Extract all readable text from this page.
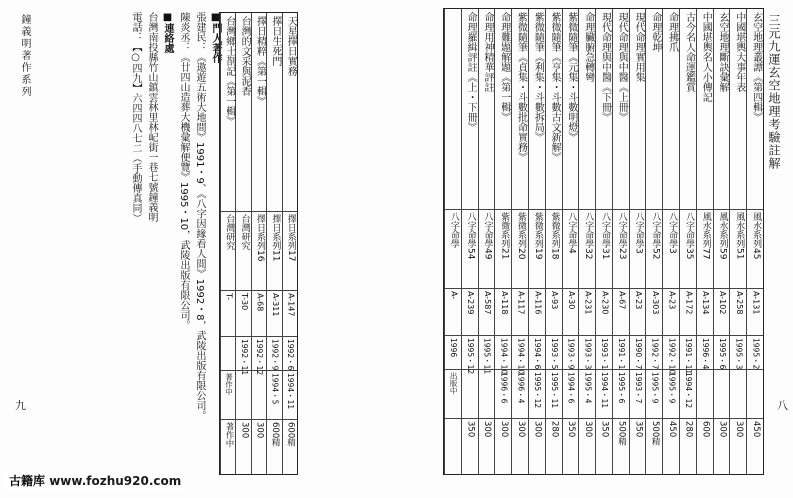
鐘義明著作系列
九
■門人著作
張建民：《遨遊五術大地間》1991・9、《八字因緣看人間》1992・8，武陵出版有限公司。
陳炎丞：《廿四山造葬大機彙解便覽》1995・10，武陵出版有限公司。
■連絡處
台灣南投縣竹山鎮雲林里林屺街一巷七號鐘義明
電話：【○四九】六四四八七二（手動傳真同）	天星擇日實務
擇日系列17
A-147
1992・6
1994・11
600精
擇日生死門
擇日系列11
A-311
1992・9
1994・5
600精
擇日精粹《第一輯》
擇日系列16
A-68
1992・12
300
台灣的文采與泥香
台灣研究
T-30
1992・11
300
台灣鄉土剳記《第一輯》
台灣研究
T-
著作中
著作中
玄空地理叢譚《第四輯》
風水系列45
A-131
1995・2
450
中國堪輿大事年表
風水系列51
A-258
1995・3
300
玄空地理斷訣彙解
風水系列59
A-102
1995・6
300
中國堪輿名人小傳記
風水系列77
A-134
1996・4
600
古今名人命運鑑賞
八字命學35
A-172
1991・11
1994・12
280
命理拂爪
八字命學3
A-23
1992・10
1995・9
450
命理乾坤
八字命學52
A-303
1992・7
1995・9
500精
現代命理實用集
八字命學3
A-23
1990・7
1993・7
350
現代命理與中醫《上冊》
八字命學23
A-67
1991・1
1995・6
500精
現代命理與中醫《下冊》
八字命學31
A-230
1993・1
1994・11
350
命理臟腑急轉彎
八字命學32
A-231
1993・3
1995・4
300
紫微隨筆《元集・斗數明燈》
八字命學4
A-30
1993・9
1994・6
350
紫微隨筆《亨集・斗數古文新解》
紫微系列18
A-93
1993・5
1995・11
280
紫微隨筆《利集・斗數拆局》
紫微系列19
A-116
1994・6
1995・12
300
紫微隨筆《貞集・斗數批命實務》
紫微系列20
A-117
1994・10
1996・4
300
命理難題解題《第一輯》
紫微系列21
A-118
1994・10
1996・6
300
命理用神精華評註
八字命學49
A-587
1995・11
300
命理羅緝評註《上・下冊》
八字命學54
A-239
1995・12
350
八字命學
A-
1996
出版中
三元九運玄空地理考驗註解
八
古籍库 www.fozhu920.com
